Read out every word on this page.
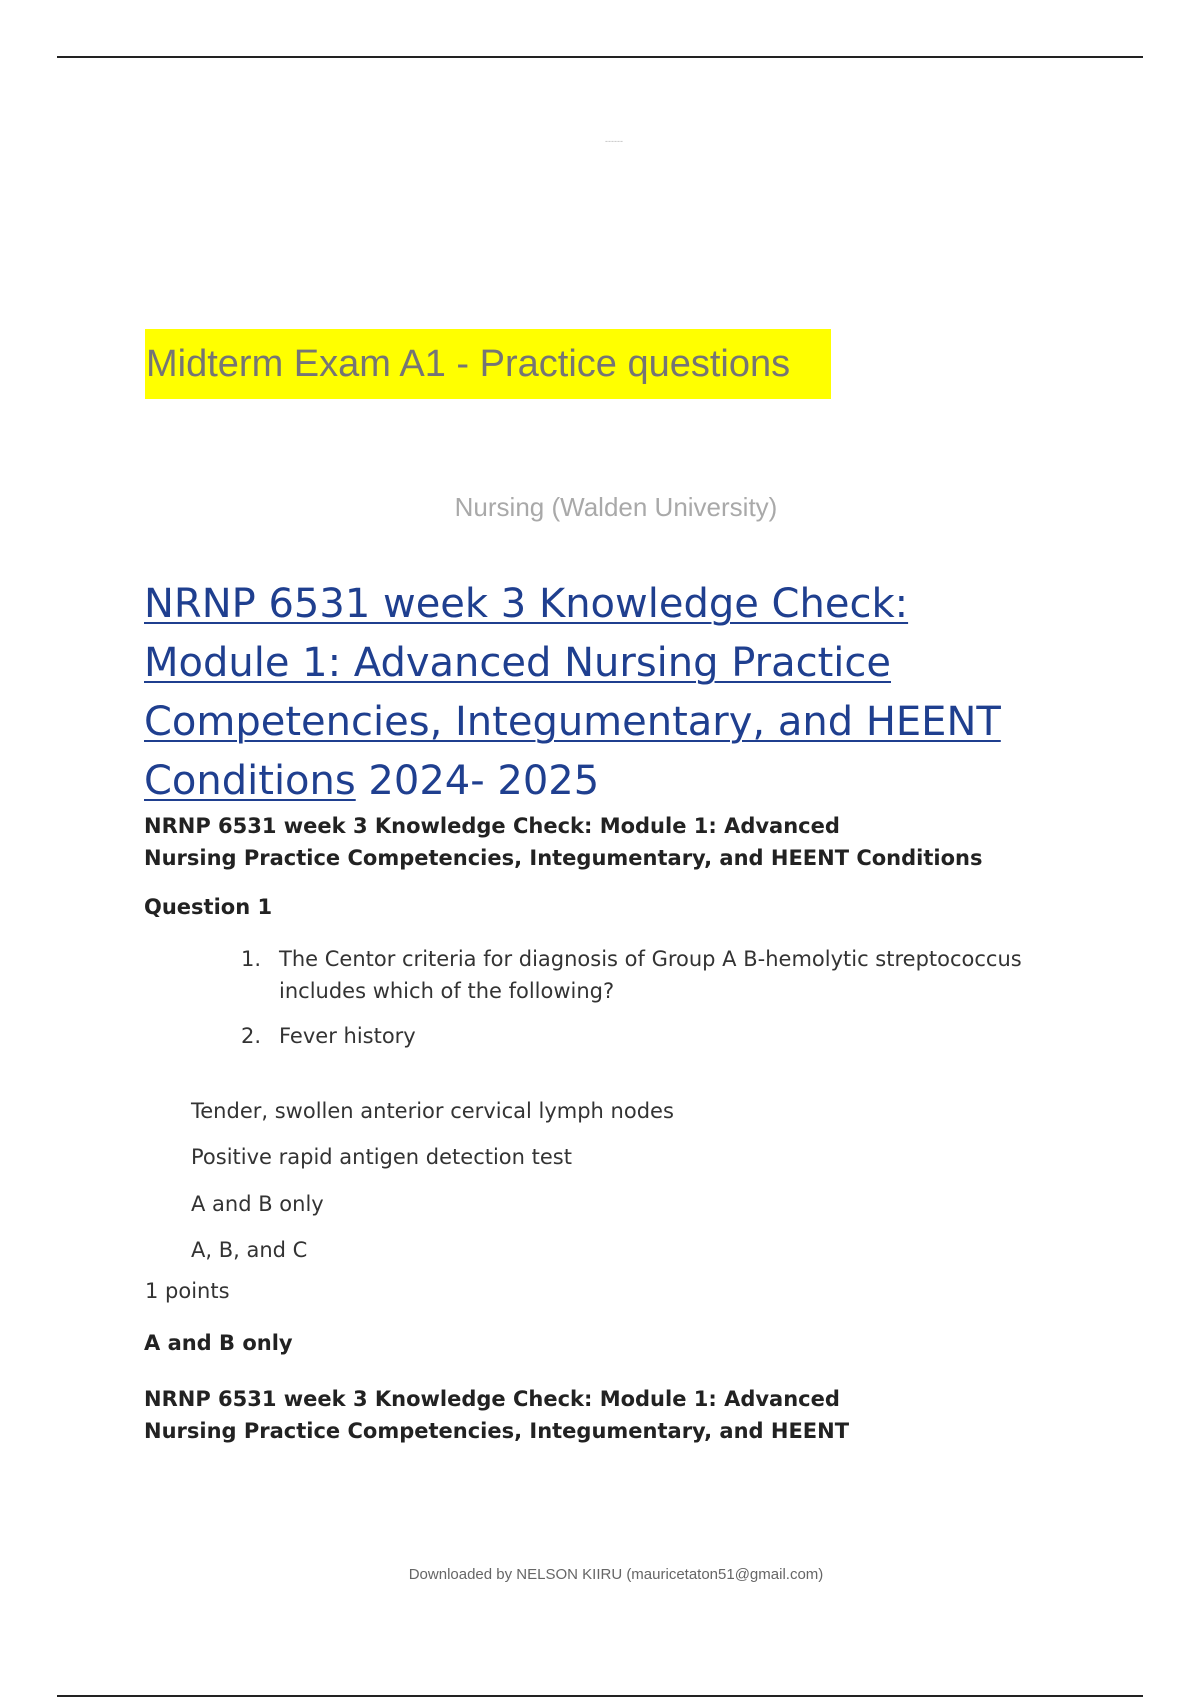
------
Midterm Exam A1 - Practice questions
Nursing (Walden University)
NRNP 6531 week 3 Knowledge Check:
Module 1: Advanced Nursing Practice
Competencies, Integumentary, and HEENT
Conditions 2024- 2025
NRNP 6531 week 3 Knowledge Check: Module 1: Advanced
Nursing Practice Competencies, Integumentary, and HEENT Conditions
Question 1
1. The Centor criteria for diagnosis of Group A B-hemolytic streptococcus
includes which of the following?
2. Fever history
Tender, swollen anterior cervical lymph nodes
Positive rapid antigen detection test
A and B only
A, B, and C
1 points
A and B only
NRNP 6531 week 3 Knowledge Check: Module 1: Advanced
Nursing Practice Competencies, Integumentary, and HEENT
Downloaded by NELSON KIIRU (mauricetaton51@gmail.com)
